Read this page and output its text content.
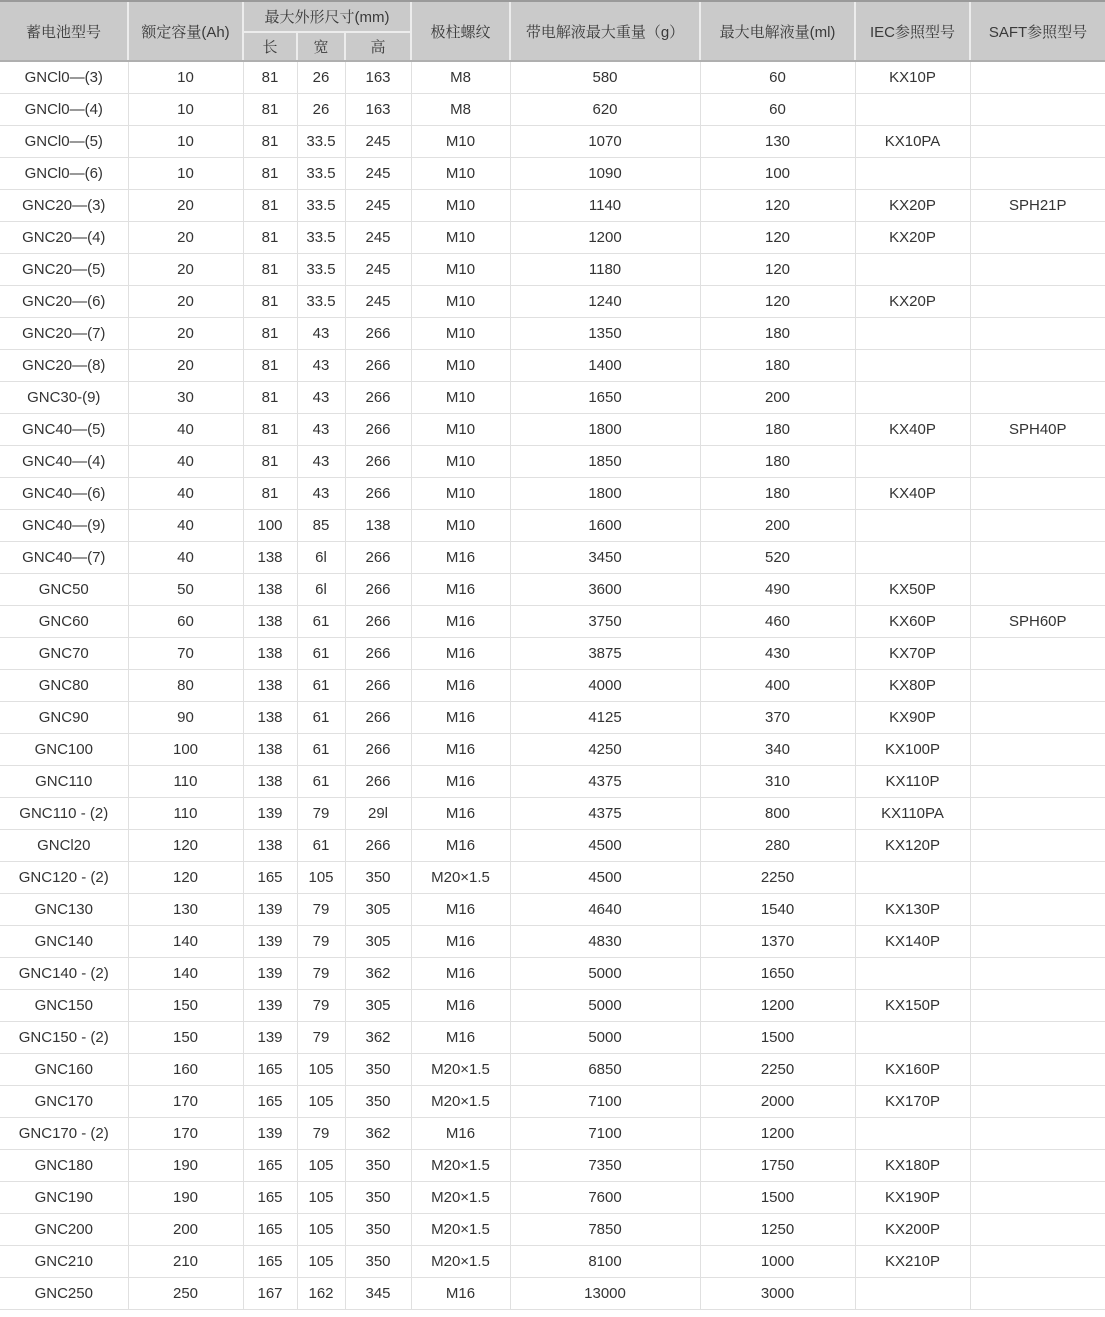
蓄电池型号	额定容量(Ah)	最大外形尺寸(mm)			极柱螺纹	带电解液最大重量（g）	最大电解液量(ml)	IEC参照型号	SAFT参照型号
		长	宽	高					
GNCl0—(3)	10	81	26	163	M8	580	60	KX10P	
GNCl0—(4)	10	81	26	163	M8	620	60		
GNCl0—(5)	10	81	33.5	245	M10	1070	130	KX10PA	
GNCl0—(6)	10	81	33.5	245	M10	1090	100		
GNC20—(3)	20	81	33.5	245	M10	1140	120	KX20P	SPH21P
GNC20—(4)	20	81	33.5	245	M10	1200	120	KX20P	
GNC20—(5)	20	81	33.5	245	M10	1180	120		
GNC20—(6)	20	81	33.5	245	M10	1240	120	KX20P	
GNC20—(7)	20	81	43	266	M10	1350	180		
GNC20—(8)	20	81	43	266	M10	1400	180		
GNC30-(9)	30	81	43	266	M10	1650	200		
GNC40—(5)	40	81	43	266	M10	1800	180	KX40P	SPH40P
GNC40—(4)	40	81	43	266	M10	1850	180		
GNC40—(6)	40	81	43	266	M10	1800	180	KX40P	
GNC40—(9)	40	100	85	138	M10	1600	200		
GNC40—(7)	40	138	6l	266	M16	3450	520		
GNC50	50	138	6l	266	M16	3600	490	KX50P	
GNC60	60	138	61	266	M16	3750	460	KX60P	SPH60P
GNC70	70	138	61	266	M16	3875	430	KX70P	
GNC80	80	138	61	266	M16	4000	400	KX80P	
GNC90	90	138	61	266	M16	4125	370	KX90P	
GNC100	100	138	61	266	M16	4250	340	KX100P	
GNC110	110	138	61	266	M16	4375	310	KX110P	
GNC110 - (2)	110	139	79	29l	M16	4375	800	KX110PA	
GNCl20	120	138	61	266	M16	4500	280	KX120P	
GNC120 - (2)	120	165	105	350	M20×1.5	4500	2250		
GNC130	130	139	79	305	M16	4640	1540	KX130P	
GNC140	140	139	79	305	M16	4830	1370	KX140P	
GNC140 - (2)	140	139	79	362	M16	5000	1650		
GNC150	150	139	79	305	M16	5000	1200	KX150P	
GNC150 - (2)	150	139	79	362	M16	5000	1500		
GNC160	160	165	105	350	M20×1.5	6850	2250	KX160P	
GNC170	170	165	105	350	M20×1.5	7100	2000	KX170P	
GNC170 - (2)	170	139	79	362	M16	7100	1200		
GNC180	190	165	105	350	M20×1.5	7350	1750	KX180P	
GNC190	190	165	105	350	M20×1.5	7600	1500	KX190P	
GNC200	200	165	105	350	M20×1.5	7850	1250	KX200P	
GNC210	210	165	105	350	M20×1.5	8100	1000	KX210P	
GNC250	250	167	162	345	M16	13000	3000		
